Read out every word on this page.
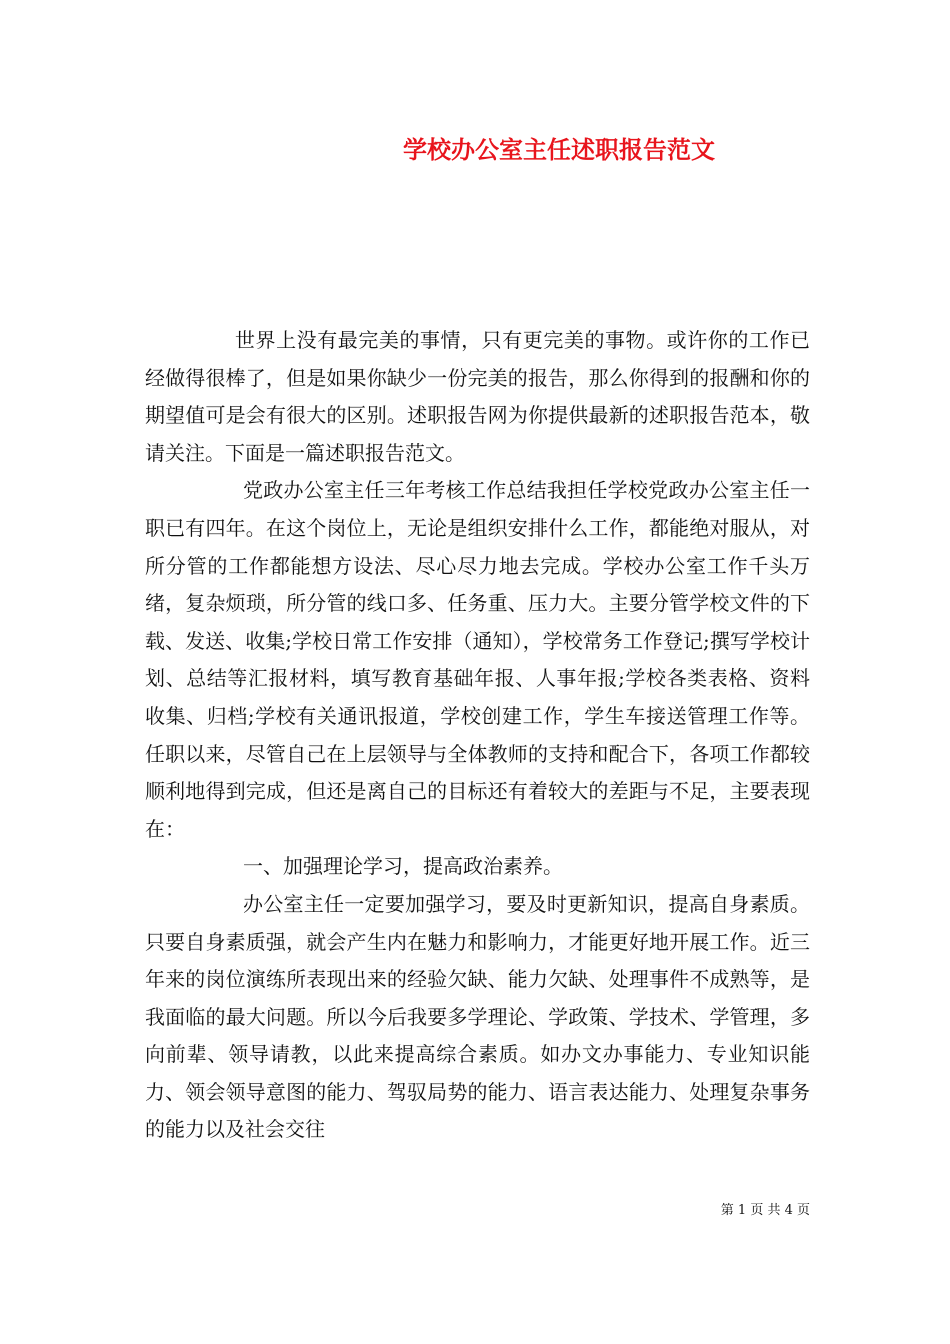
学校办公室主任述职报告范文

世界上没有最完美的事情，只有更完美的事物。或许你的工作已经做得很棒了，但是如果你缺少一份完美的报告，那么你得到的报酬和你的期望值可是会有很大的区别。述职报告网为你提供最新的述职报告范本，敬请关注。下面是一篇述职报告范文。

党政办公室主任三年考核工作总结我担任学校党政办公室主任一职已有四年。在这个岗位上，无论是组织安排什么工作，都能绝对服从，对所分管的工作都能想方设法、尽心尽力地去完成。学校办公室工作千头万绪，复杂烦琐，所分管的线口多、任务重、压力大。主要分管学校文件的下载、发送、收集;学校日常工作安排（通知），学校常务工作登记;撰写学校计划、总结等汇报材料，填写教育基础年报、人事年报;学校各类表格、资料收集、归档;学校有关通讯报道，学校创建工作，学生车接送管理工作等。任职以来，尽管自己在上层领导与全体教师的支持和配合下，各项工作都较顺利地得到完成，但还是离自己的目标还有着较大的差距与不足，主要表现在：

一、加强理论学习，提高政治素养。

办公室主任一定要加强学习，要及时更新知识，提高自身素质。只要自身素质强，就会产生内在魅力和影响力，才能更好地开展工作。近三年来的岗位演练所表现出来的经验欠缺、能力欠缺、处理事件不成熟等，是我面临的最大问题。所以今后我要多学理论、学政策、学技术、学管理，多向前辈、领导请教，以此来提高综合素质。如办文办事能力、专业知识能力、领会领导意图的能力、驾驭局势的能力、语言表达能力、处理复杂事务的能力以及社会交往

第 1 页 共 4 页
